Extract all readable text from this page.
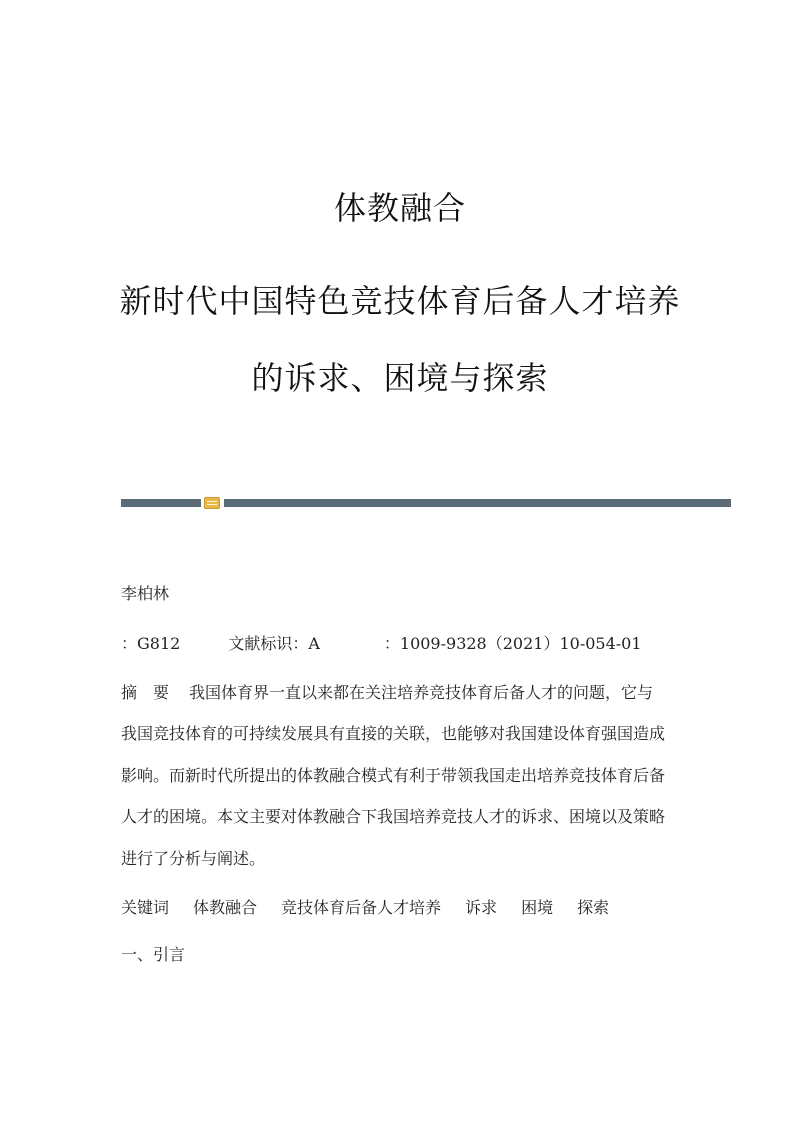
体教融合
新时代中国特色竞技体育后备人才培养
的诉求、困境与探索
李柏林
：G812	文献标识：A	：1009-9328（2021）10-054-01
摘　要 我国体育界一直以来都在关注培养竞技体育后备人才的问题，它与
我国竞技体育的可持续发展具有直接的关联，也能够对我国建设体育强国造成
影响。而新时代所提出的体教融合模式有利于带领我国走出培养竞技体育后备
人才的困境。本文主要对体教融合下我国培养竞技人才的诉求、困境以及策略
进行了分析与阐述。
关键词 体教融合 竞技体育后备人才培养 诉求 困境 探索
一、引言
